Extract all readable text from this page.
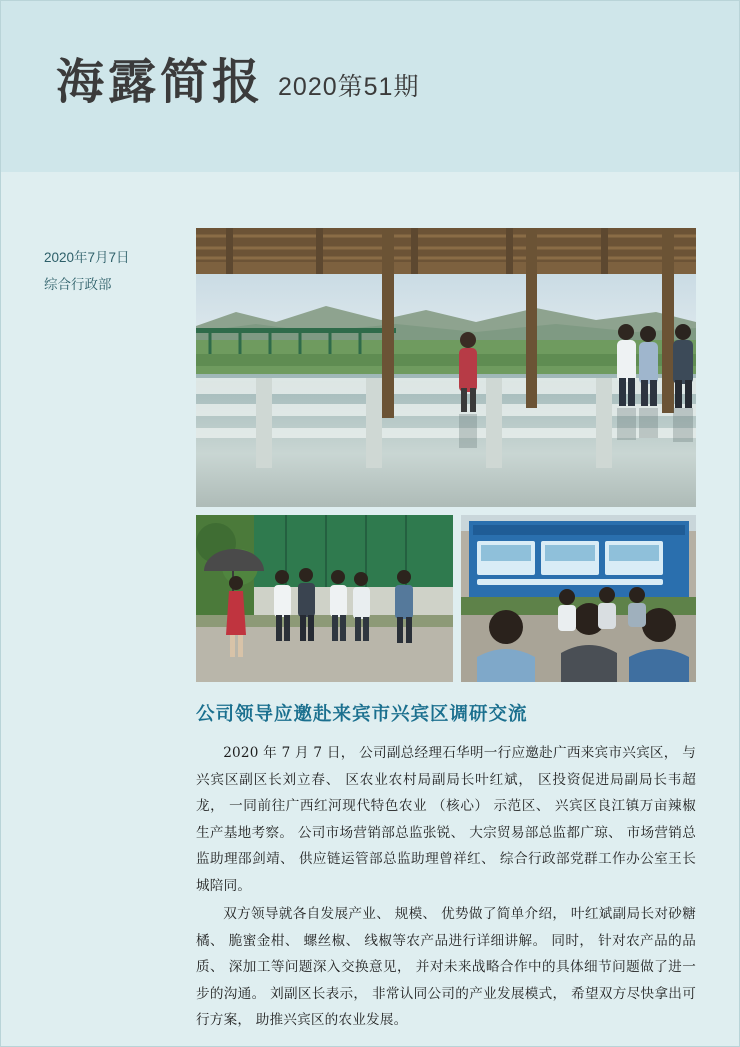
海露简报 2020第51期
2020年7月7日
综合行政部
公司领导应邀赴来宾市兴宾区调研交流

2020 年 7 月 7 日， 公司副总经理石华明一行应邀赴广西来宾市兴宾区， 与兴宾区副区长刘立春、 区农业农村局副局长叶红斌， 区投资促进局副局长韦超龙， 一同前往广西红河现代特色农业 （核心） 示范区、 兴宾区良江镇万亩辣椒生产基地考察。 公司市场营销部总监张锐、 大宗贸易部总监都广琼、 市场营销总监助理邵剑靖、 供应链运管部总监助理曾祥红、 综合行政部党群工作办公室王长城陪同。

双方领导就各自发展产业、 规模、 优势做了简单介绍， 叶红斌副局长对砂糖橘、 脆蜜金柑、 螺丝椒、 线椒等农产品进行详细讲解。 同时， 针对农产品的品质、 深加工等问题深入交换意见， 并对未来战略合作中的具体细节问题做了进一步的沟通。 刘副区长表示， 非常认同公司的产业发展模式， 希望双方尽快拿出可行方案， 助推兴宾区的农业发展。
